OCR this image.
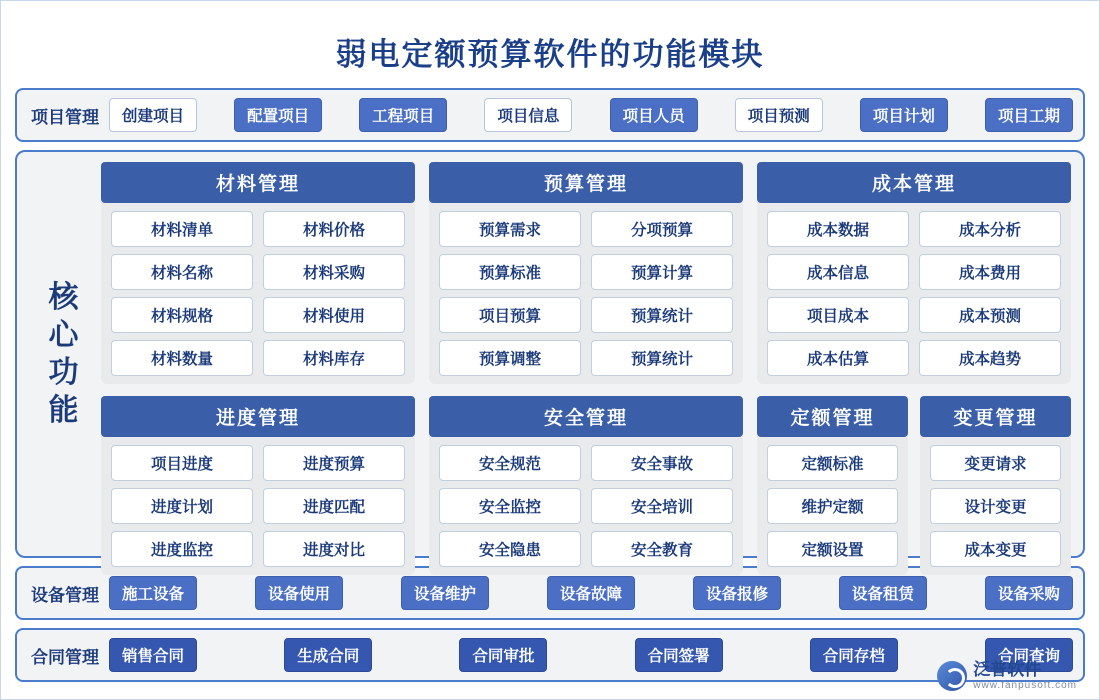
弱电定额预算软件的功能模块
项目管理	创建项目	配置项目	工程项目	项目信息	项目人员	项目预测	项目计划	项目工期
核
心
功
能
材料管理
材料清单	材料价格
材料名称	材料采购
材料规格	材料使用
材料数量	材料库存
进度管理
项目进度	进度预算
进度计划	进度匹配
进度监控	进度对比
预算管理
预算需求	分项预算
预算标准	预算计算
项目预算	预算统计
预算调整	预算统计
安全管理
安全规范	安全事故
安全监控	安全培训
安全隐患	安全教育
成本管理
成本数据	成本分析
成本信息	成本费用
项目成本	成本预测
成本估算	成本趋势
定额管理
定额标准
维护定额
定额设置
变更管理
变更请求
设计变更
成本变更
设备管理	施工设备	设备使用	设备维护	设备故障	设备报修	设备租赁	设备采购
合同管理	销售合同	生成合同	合同审批	合同签署	合同存档	合同查询
泛普软件
www.fanpusoft.com
